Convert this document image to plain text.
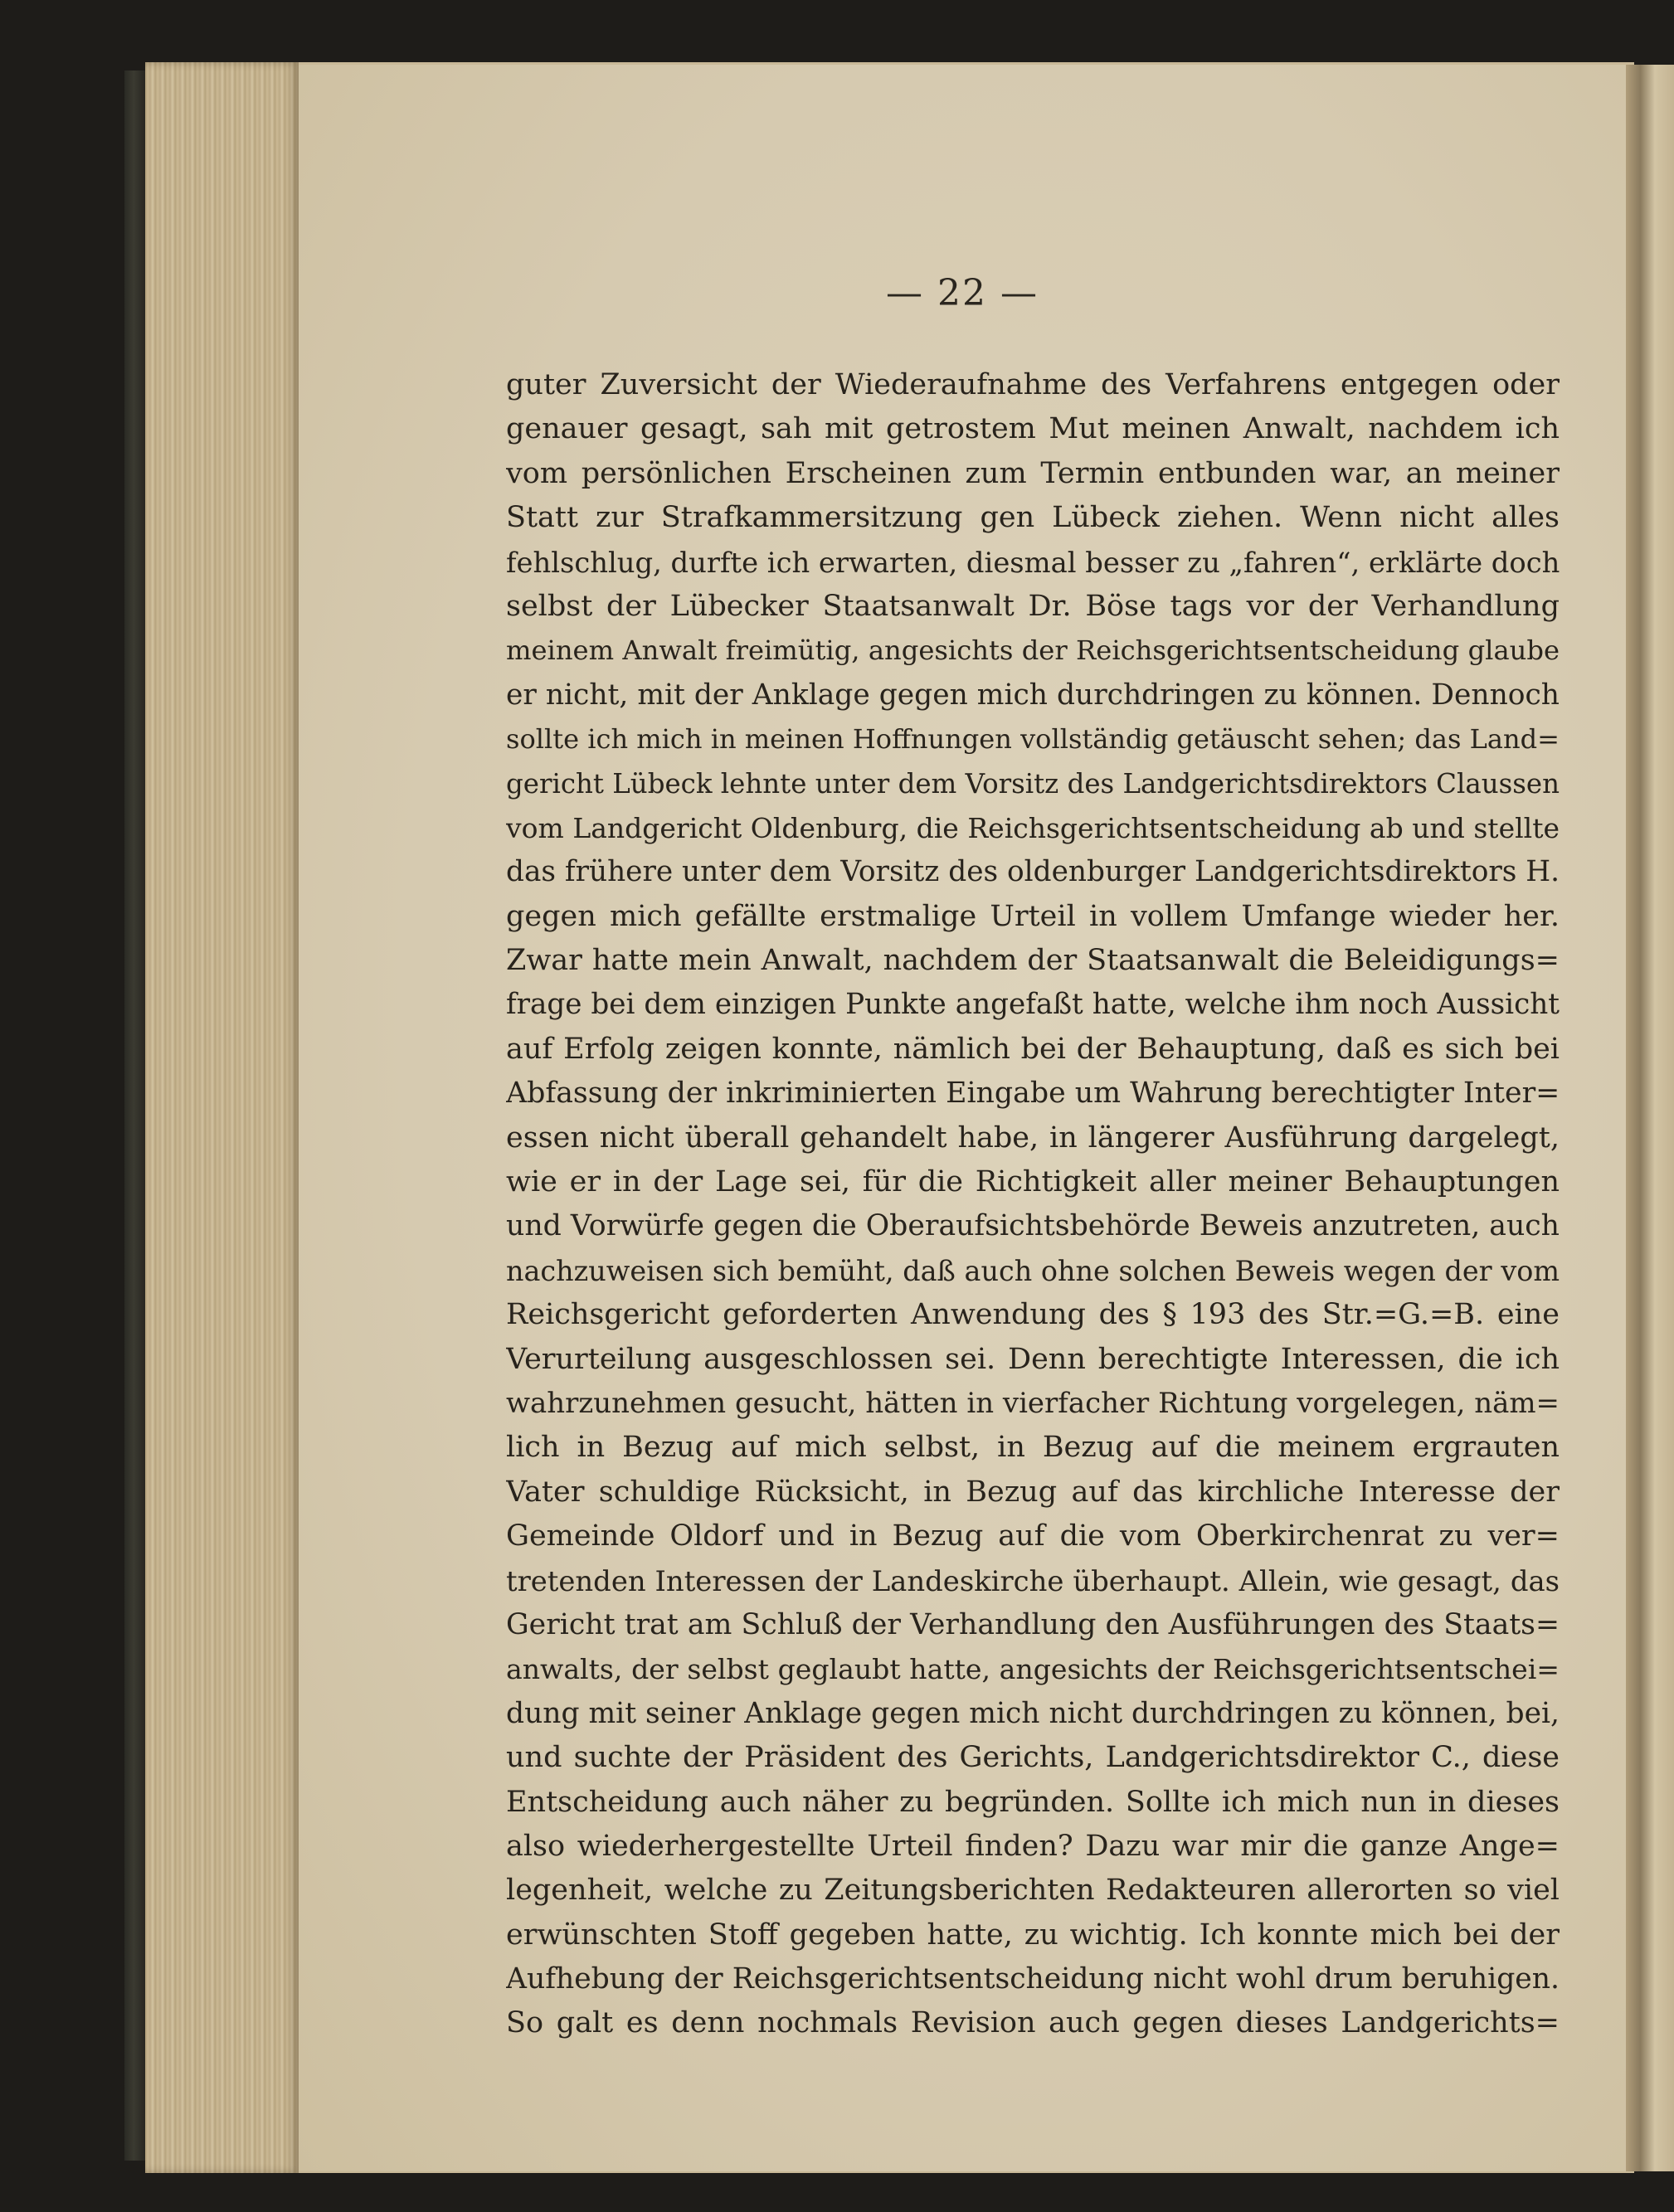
— 22 —
guter Zuversicht der Wiederaufnahme des Verfahrens entgegen oder
genauer gesagt, sah mit getrostem Mut meinen Anwalt, nachdem ich
vom persönlichen Erscheinen zum Termin entbunden war, an meiner
Statt zur Strafkammersitzung gen Lübeck ziehen. Wenn nicht alles
fehlschlug, durfte ich erwarten, diesmal besser zu „fahren“, erklärte doch
selbst der Lübecker Staatsanwalt Dr. Böse tags vor der Verhandlung
meinem Anwalt freimütig, angesichts der Reichsgerichtsentscheidung glaube
er nicht, mit der Anklage gegen mich durchdringen zu können. Dennoch
sollte ich mich in meinen Hoffnungen vollständig getäuscht sehen; das Land=
gericht Lübeck lehnte unter dem Vorsitz des Landgerichtsdirektors Claussen
vom Landgericht Oldenburg, die Reichsgerichtsentscheidung ab und stellte
das frühere unter dem Vorsitz des oldenburger Landgerichtsdirektors H.
gegen mich gefällte erstmalige Urteil in vollem Umfange wieder her.
Zwar hatte mein Anwalt, nachdem der Staatsanwalt die Beleidigungs=
frage bei dem einzigen Punkte angefaßt hatte, welche ihm noch Aussicht
auf Erfolg zeigen konnte, nämlich bei der Behauptung, daß es sich bei
Abfassung der inkriminierten Eingabe um Wahrung berechtigter Inter=
essen nicht überall gehandelt habe, in längerer Ausführung dargelegt,
wie er in der Lage sei, für die Richtigkeit aller meiner Behauptungen
und Vorwürfe gegen die Oberaufsichtsbehörde Beweis anzutreten, auch
nachzuweisen sich bemüht, daß auch ohne solchen Beweis wegen der vom
Reichsgericht geforderten Anwendung des § 193 des Str.=G.=B. eine
Verurteilung ausgeschlossen sei. Denn berechtigte Interessen, die ich
wahrzunehmen gesucht, hätten in vierfacher Richtung vorgelegen, näm=
lich in Bezug auf mich selbst, in Bezug auf die meinem ergrauten
Vater schuldige Rücksicht, in Bezug auf das kirchliche Interesse der
Gemeinde Oldorf und in Bezug auf die vom Oberkirchenrat zu ver=
tretenden Interessen der Landeskirche überhaupt. Allein, wie gesagt, das
Gericht trat am Schluß der Verhandlung den Ausführungen des Staats=
anwalts, der selbst geglaubt hatte, angesichts der Reichsgerichtsentschei=
dung mit seiner Anklage gegen mich nicht durchdringen zu können, bei,
und suchte der Präsident des Gerichts, Landgerichtsdirektor C., diese
Entscheidung auch näher zu begründen. Sollte ich mich nun in dieses
also wiederhergestellte Urteil finden? Dazu war mir die ganze Ange=
legenheit, welche zu Zeitungsberichten Redakteuren allerorten so viel
erwünschten Stoff gegeben hatte, zu wichtig. Ich konnte mich bei der
Aufhebung der Reichsgerichtsentscheidung nicht wohl drum beruhigen.
So galt es denn nochmals Revision auch gegen dieses Landgerichts=
